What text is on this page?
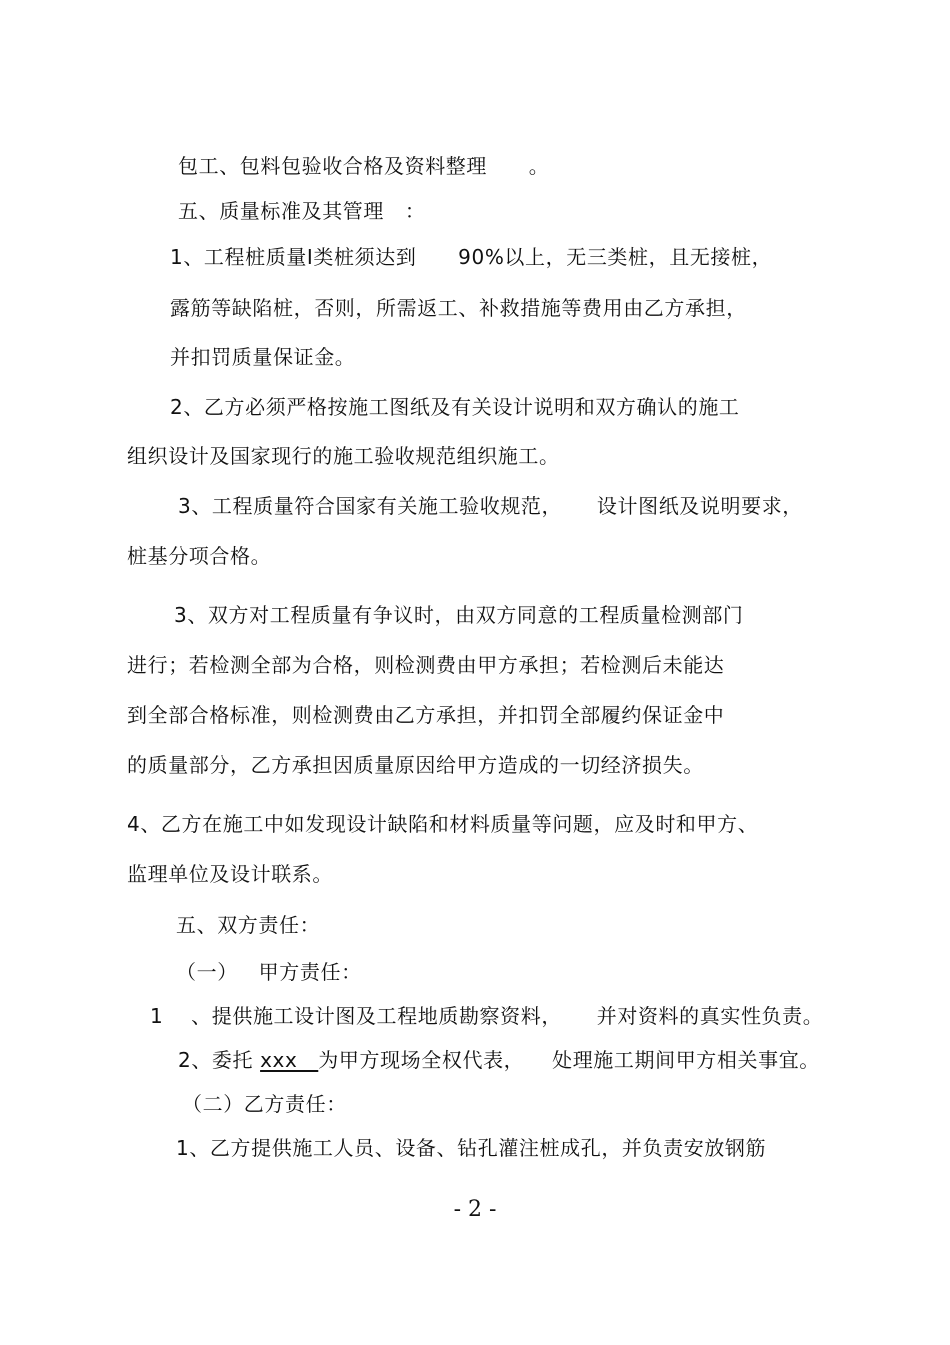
包工、包料包验收合格及资料整理      。
五、质量标准及其管理   ：
1、工程桩质量Ⅰ类桩须达到      90%以上，无三类桩，且无接桩，
露筋等缺陷桩，否则，所需返工、补救措施等费用由乙方承担，
并扣罚质量保证金。
2、乙方必须严格按施工图纸及有关设计说明和双方确认的施工
组织设计及国家现行的施工验收规范组织施工。
3、工程质量符合国家有关施工验收规范，     设计图纸及说明要求，
桩基分项合格。
3、双方对工程质量有争议时，由双方同意的工程质量检测部门
进行；若检测全部为合格，则检测费由甲方承担；若检测后未能达
到全部合格标准，则检测费由乙方承担，并扣罚全部履约保证金中
的质量部分，乙方承担因质量原因给甲方造成的一切经济损失。
4、乙方在施工中如发现设计缺陷和材料质量等问题，应及时和甲方、
监理单位及设计联系。
五、双方责任：
（一）   甲方责任：
1    、提供施工设计图及工程地质勘察资料，     并对资料的真实性负责。
2、委托 xxx   为甲方现场全权代表，    处理施工期间甲方相关事宜。
（二）乙方责任：
1、乙方提供施工人员、设备、钻孔灌注桩成孔，并负责安放钢筋
- 2 -
